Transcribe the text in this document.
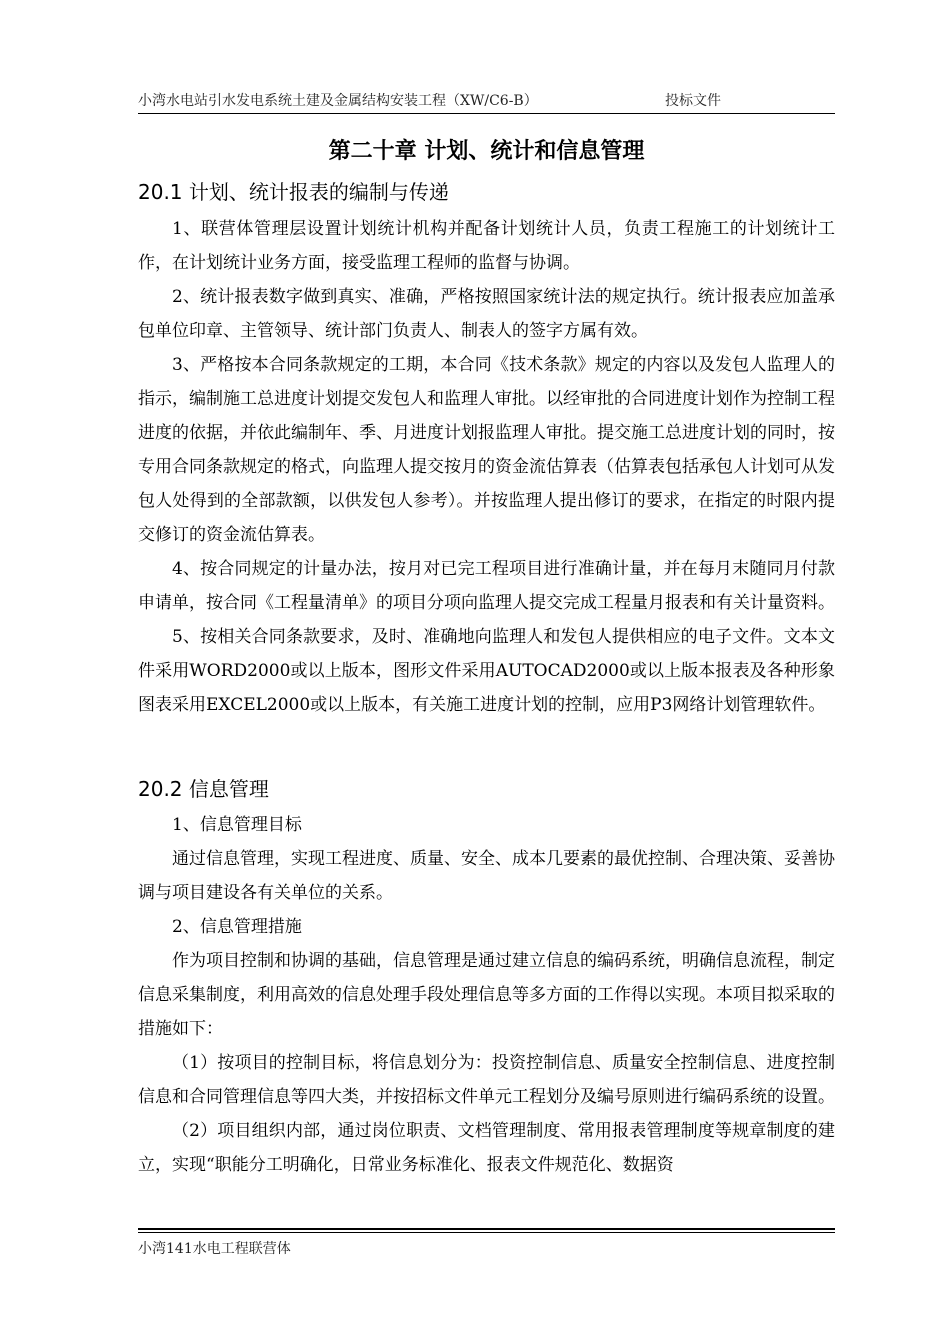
小湾水电站引水发电系统土建及金属结构安装工程（XW/C6-B）	投标文件
第二十章 计划、统计和信息管理
20.1 计划、统计报表的编制与传递

1、联营体管理层设置计划统计机构并配备计划统计人员，负责工程施工的计划统计工作，在计划统计业务方面，接受监理工程师的监督与协调。

2、统计报表数字做到真实、准确，严格按照国家统计法的规定执行。统计报表应加盖承包单位印章、主管领导、统计部门负责人、制表人的签字方属有效。

3、严格按本合同条款规定的工期，本合同《技术条款》规定的内容以及发包人监理人的指示，编制施工总进度计划提交发包人和监理人审批。以经审批的合同进度计划作为控制工程进度的依据，并依此编制年、季、月进度计划报监理人审批。提交施工总进度计划的同时，按专用合同条款规定的格式，向监理人提交按月的资金流估算表（估算表包括承包人计划可从发包人处得到的全部款额，以供发包人参考）。并按监理人提出修订的要求，在指定的时限内提交修订的资金流估算表。

4、按合同规定的计量办法，按月对已完工程项目进行准确计量，并在每月末随同月付款申请单，按合同《工程量清单》的项目分项向监理人提交完成工程量月报表和有关计量资料。

5、按相关合同条款要求，及时、准确地向监理人和发包人提供相应的电子文件。文本文件采用WORD2000或以上版本，图形文件采用AUTOCAD2000或以上版本报表及各种形象图表采用EXCEL2000或以上版本，有关施工进度计划的控制，应用P3网络计划管理软件。

20.2 信息管理

1、信息管理目标

通过信息管理，实现工程进度、质量、安全、成本几要素的最优控制、合理决策、妥善协调与项目建设各有关单位的关系。

2、信息管理措施

作为项目控制和协调的基础，信息管理是通过建立信息的编码系统，明确信息流程，制定信息采集制度，利用高效的信息处理手段处理信息等多方面的工作得以实现。本项目拟采取的措施如下：

（1）按项目的控制目标，将信息划分为：投资控制信息、质量安全控制信息、进度控制信息和合同管理信息等四大类，并按招标文件单元工程划分及编号原则进行编码系统的设置。

（2）项目组织内部，通过岗位职责、文档管理制度、常用报表管理制度等规章制度的建立，实现“职能分工明确化，日常业务标准化、报表文件规范化、数据资

小湾141水电工程联营体
